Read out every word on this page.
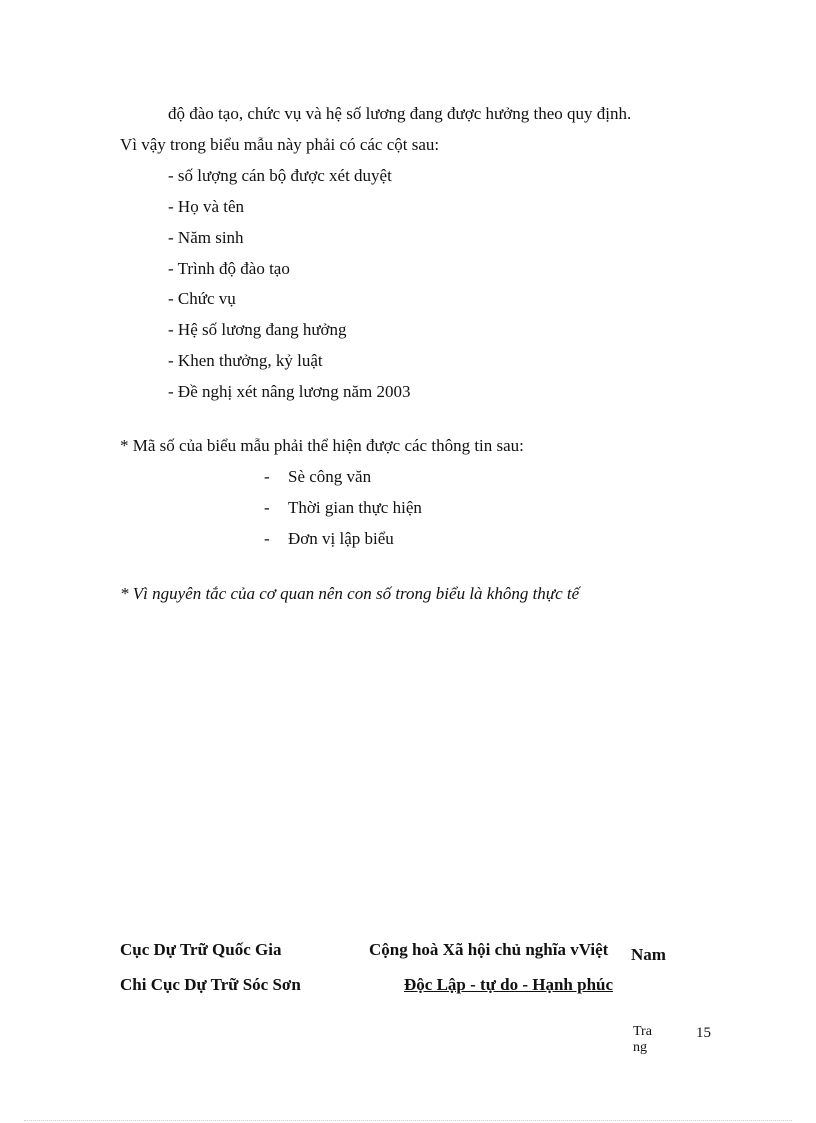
độ đào tạo, chức vụ và hệ số lương đang được hưởng theo quy định.
Vì vậy trong biểu mẫu này phải có các cột sau:
- số lượng cán bộ được xét duyệt
- Họ và tên
- Năm sinh
- Trình độ đào tạo
- Chức vụ
- Hệ số lương đang hưởng
- Khen thưởng, kỷ luật
- Đề nghị xét nâng lương năm 2003
* Mã số của biểu mẫu phải thể hiện được các thông tin sau:
- Sè công văn
- Thời gian thực hiện
- Đơn vị lập biểu
* Vì nguyên tắc của cơ quan nên con số trong biểu là không thực tế
Cục Dự Trữ Quốc Gia
Chi Cục Dự Trữ Sóc Sơn
Cộng hoà Xã hội chủ nghĩa vViệt Nam
Độc Lập - tự do - Hạnh phúc
Trang
15
